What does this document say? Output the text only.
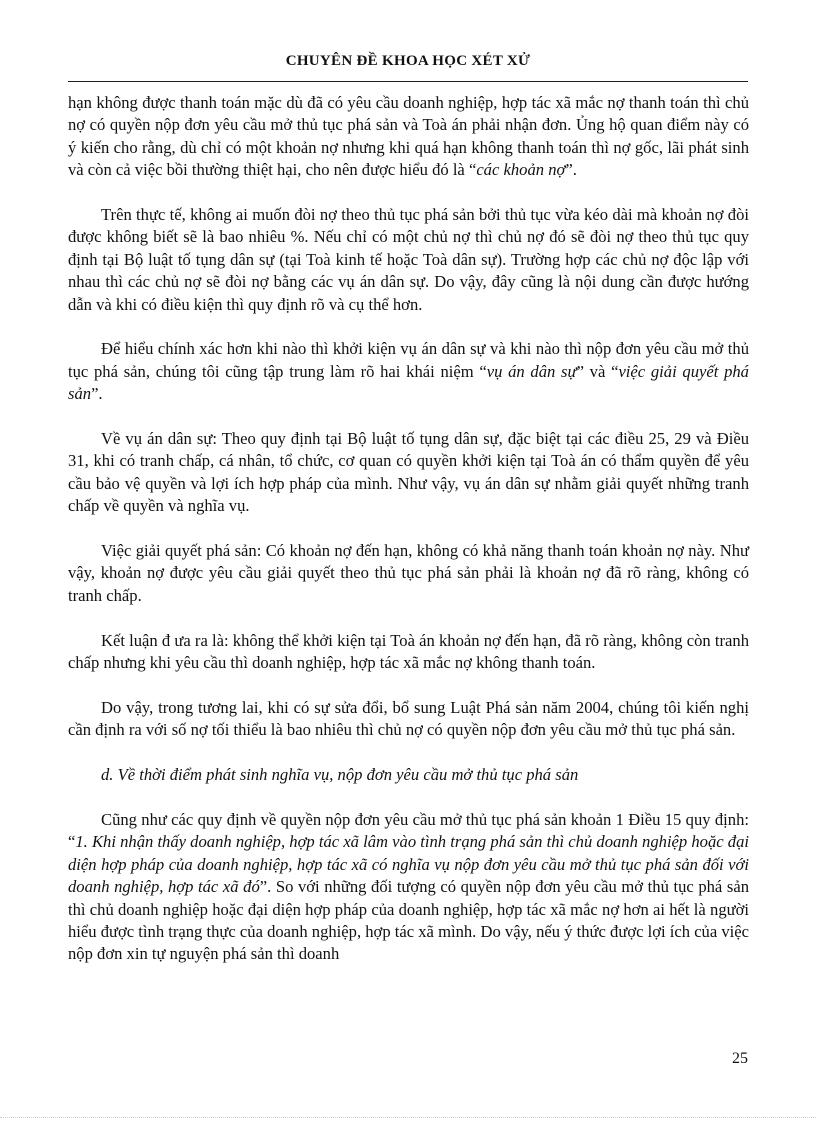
CHUYÊN ĐỀ KHOA HỌC XÉT XỬ

hạn không được thanh toán mặc dù đã có yêu cầu doanh nghiệp, hợp tác xã mắc nợ thanh toán thì chủ nợ có quyền nộp đơn yêu cầu mở thủ tục phá sản và Toà án phải nhận đơn. Ủng hộ quan điểm này có ý kiến cho rằng, dù chỉ có một khoản nợ nhưng khi quá hạn không thanh toán thì nợ gốc, lãi phát sinh và còn cả việc bồi thường thiệt hại, cho nên được hiểu đó là “các khoản nợ”.

Trên thực tế, không ai muốn đòi nợ theo thủ tục phá sản bởi thủ tục vừa kéo dài mà khoản nợ đòi được không biết sẽ là bao nhiêu %. Nếu chỉ có một chủ nợ thì chủ nợ đó sẽ đòi nợ theo thủ tục quy định tại Bộ luật tố tụng dân sự (tại Toà kinh tế hoặc Toà dân sự). Trường hợp các chủ nợ độc lập với nhau thì các chủ nợ sẽ đòi nợ bằng các vụ án dân sự. Do vậy, đây cũng là nội dung cần được hướng dẫn và khi có điều kiện thì quy định rõ và cụ thể hơn.

Để hiểu chính xác hơn khi nào thì khởi kiện vụ án dân sự và khi nào thì nộp đơn yêu cầu mở thủ tục phá sản, chúng tôi cũng tập trung làm rõ hai khái niệm “vụ án dân sự” và “việc giải quyết phá sản”.

Về vụ án dân sự: Theo quy định tại Bộ luật tố tụng dân sự, đặc biệt tại các điều 25, 29 và Điều 31, khi có tranh chấp, cá nhân, tổ chức, cơ quan có quyền khởi kiện tại Toà án có thẩm quyền để yêu cầu bảo vệ quyền và lợi ích hợp pháp của mình. Như vậy, vụ án dân sự nhằm giải quyết những tranh chấp về quyền và nghĩa vụ.

Việc giải quyết phá sản: Có khoản nợ đến hạn, không có khả năng thanh toán khoản nợ này. Như vậy, khoản nợ được yêu cầu giải quyết theo thủ tục phá sản phải là khoản nợ đã rõ ràng, không có tranh chấp.

Kết luận đ ưa ra là: không thể khởi kiện tại Toà án khoản nợ đến hạn, đã rõ ràng, không còn tranh chấp nhưng khi yêu cầu thì doanh nghiệp, hợp tác xã mắc nợ không thanh toán.

Do vậy, trong tương lai, khi có sự sửa đổi, bổ sung Luật Phá sản năm 2004, chúng tôi kiến nghị cần định ra với số nợ tối thiểu là bao nhiêu thì chủ nợ có quyền nộp đơn yêu cầu mở thủ tục phá sản.

d. Về thời điểm phát sinh nghĩa vụ, nộp đơn yêu cầu mở thủ tục phá sản

Cũng như các quy định về quyền nộp đơn yêu cầu mở thủ tục phá sản khoản 1 Điều 15 quy định: “1. Khi nhận thấy doanh nghiệp, hợp tác xã lâm vào tình trạng phá sản thì chủ doanh nghiệp hoặc đại diện hợp pháp của doanh nghiệp, hợp tác xã có nghĩa vụ nộp đơn yêu cầu mở thủ tục phá sản đối với doanh nghiệp, hợp tác xã đó”. So với những đối tượng có quyền nộp đơn yêu cầu mở thủ tục phá sản thì chủ doanh nghiệp hoặc đại diện hợp pháp của doanh nghiệp, hợp tác xã mắc nợ hơn ai hết là người hiểu được tình trạng thực của doanh nghiệp, hợp tác xã mình. Do vậy, nếu ý thức được lợi ích của việc nộp đơn xin tự nguyện phá sản thì doanh

25
